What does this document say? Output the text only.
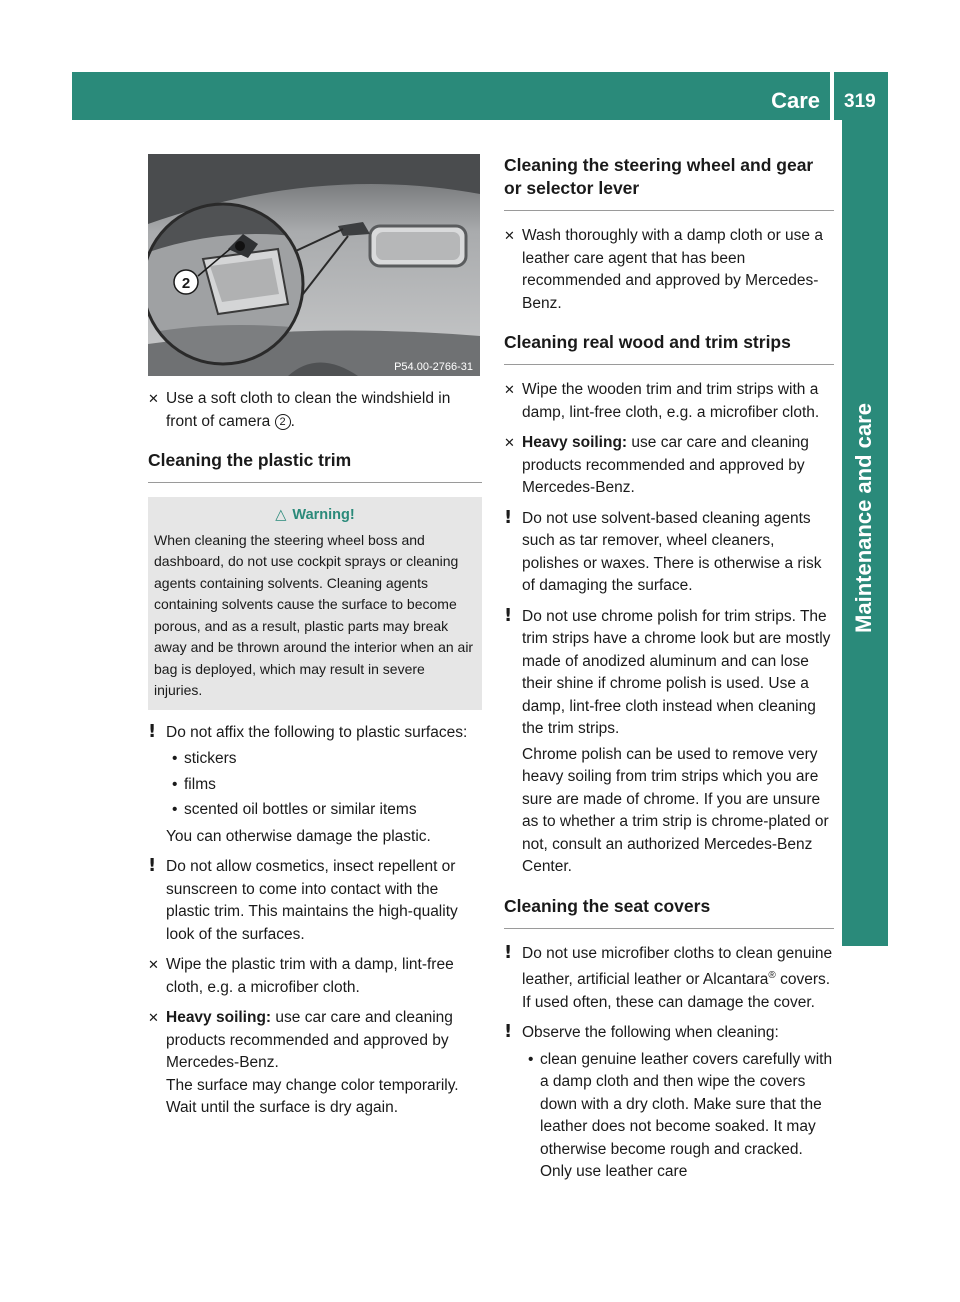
Care 319
Maintenance and care
2
P54.00-2766-31
✕ Use a soft cloth to clean the windshield in front of camera 2 .
Cleaning the plastic trim
△ Warning!
When cleaning the steering wheel boss and dashboard, do not use cockpit sprays or cleaning agents containing solvents. Cleaning agents containing solvents cause the surface to become porous, and as a result, plastic parts may break away and be thrown around the interior when an air bag is deployed, which may result in severe injuries.
! Do not affix the following to plastic surfaces:

• stickers
• films
• scented oil bottles or similar items

You can otherwise damage the plastic.

! Do not allow cosmetics, insect repellent or sunscreen to come into contact with the plastic trim. This maintains the high-quality look of the surfaces.

✕ Wipe the plastic trim with a damp, lint-free cloth, e.g. a microfiber cloth.
✕ Heavy soiling: use car care and cleaning products recommended and approved by Mercedes-Benz.
The surface may change color temporarily. Wait until the surface is dry again.
Cleaning the steering wheel and gear or selector lever
✕ Wash thoroughly with a damp cloth or use a leather care agent that has been recommended and approved by Mercedes-Benz.
Cleaning real wood and trim strips
✕ Wipe the wooden trim and trim strips with a damp, lint-free cloth, e.g. a microfiber cloth.
✕ Heavy soiling: use car care and cleaning products recommended and approved by Mercedes-Benz.
! Do not use solvent-based cleaning agents such as tar remover, wheel cleaners, polishes or waxes. There is otherwise a risk of damaging the surface.

! Do not use chrome polish for trim strips. The trim strips have a chrome look but are mostly made of anodized aluminum and can lose their shine if chrome polish is used. Use a damp, lint-free cloth instead when cleaning the trim strips.

Chrome polish can be used to remove very heavy soiling from trim strips which you are sure are made of chrome. If you are unsure as to whether a trim strip is chrome-plated or not, consult an authorized Mercedes-Benz Center.

Cleaning the seat covers
! Do not use microfiber cloths to clean genuine leather, artificial leather or Alcantara® covers. If used often, these can damage the cover.

! Observe the following when cleaning:

• clean genuine leather covers carefully with a damp cloth and then wipe the covers down with a dry cloth. Make sure that the leather does not become soaked. It may otherwise become rough and cracked. Only use leather care
